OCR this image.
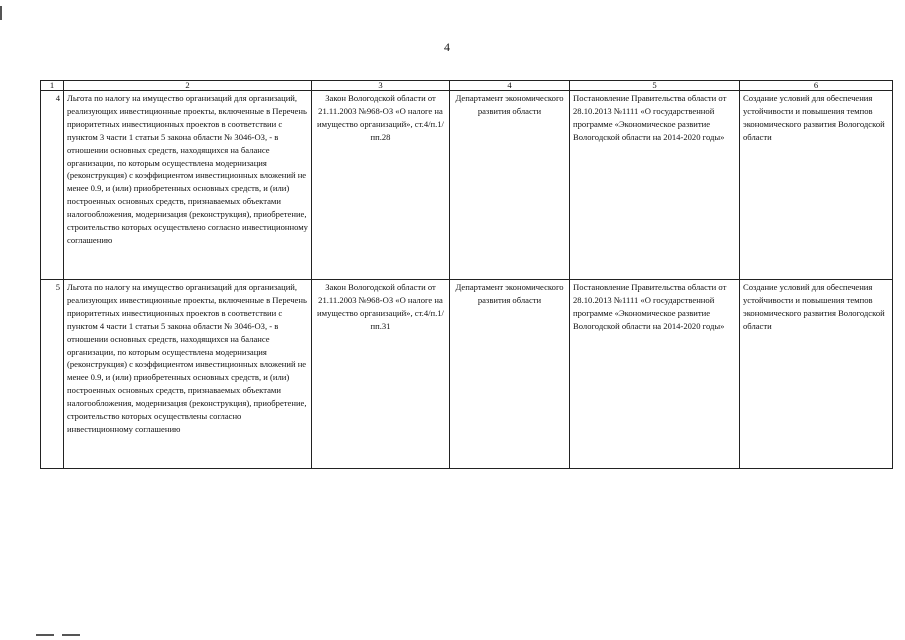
4
1	2	3	4	5	6
4	Льгота по налогу на имущество организаций для организаций, реализующих инвестиционные проекты, включенные в Перечень приоритетных инвестиционных проектов в соответствии с пунктом 3 части 1 статьи 5 закона области № 3046-ОЗ, - в отношении основных средств, находящихся на балансе организации, по которым осуществлена модернизация (реконструкция) с коэффициентом инвестиционных вложений не менее 0.9, и (или) приобретенных основных средств, и (или) построенных основных средств, признаваемых объектами налогообложения, модернизация (реконструкция), приобретение, строительство которых осуществлено согласно инвестиционному соглашению	Закон Вологодской области от 21.11.2003 №968-ОЗ «О налоге на имущество организаций», ст.4/п.1/пп.28	Департамент экономического развития области	Постановление Правительства области от 28.10.2013 №1111 «О государственной программе «Экономическое развитие Вологодской области на 2014-2020 годы»	Создание условий для обеспечения устойчивости и повышения темпов экономического развития Вологодской области
5	Льгота по налогу на имущество организаций для организаций, реализующих инвестиционные проекты, включенные в Перечень приоритетных инвестиционных проектов в соответствии с пунктом 4 части 1 статьи 5 закона области № 3046-ОЗ, - в отношении основных средств, находящихся на балансе организации, по которым осуществлена модернизация (реконструкция) с коэффициентом инвестиционных вложений не менее 0.9, и (или) приобретенных основных средств, и (или) построенных основных средств, признаваемых объектами налогообложения, модернизация (реконструкция), приобретение, строительство которых осуществлены согласно инвестиционному соглашению	Закон Вологодской области от 21.11.2003 №968-ОЗ «О налоге на имущество организаций», ст.4/п.1/пп.31	Департамент экономического развития области	Постановление Правительства области от 28.10.2013 №1111 «О государственной программе «Экономическое развитие Вологодской области на 2014-2020 годы»	Создание условий для обеспечения устойчивости и повышения темпов экономического развития Вологодской области
